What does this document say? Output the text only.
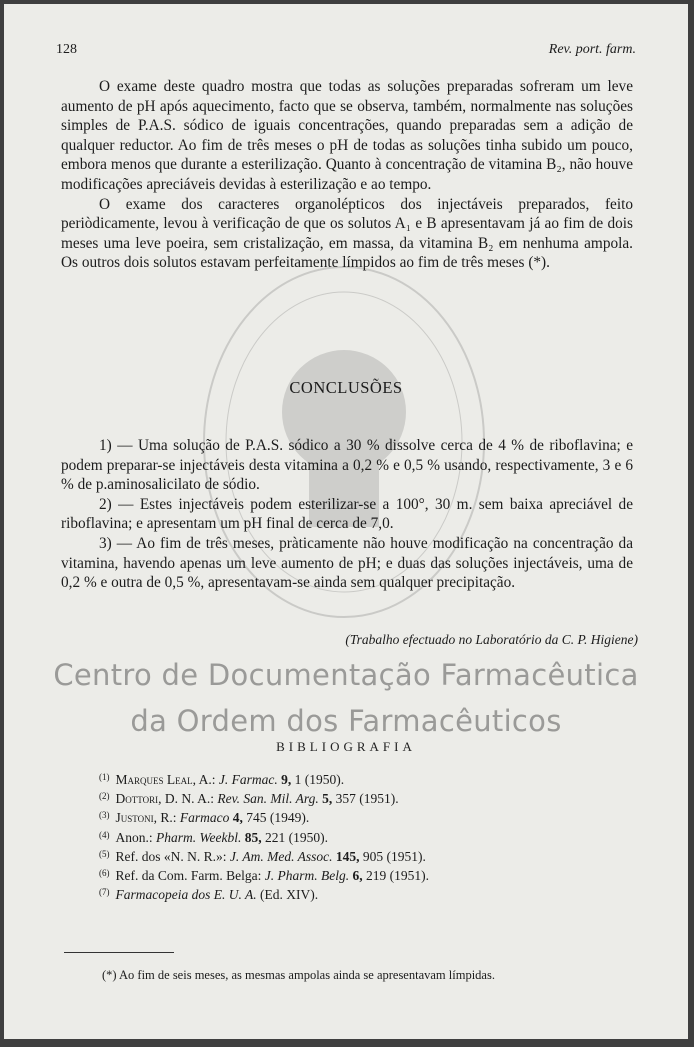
128	Rev. port. farm.

O exame deste quadro mostra que todas as soluções preparadas sofreram um leve aumento de pH após aquecimento, facto que se observa, também, normalmente nas soluções simples de P.A.S. sódico de iguais concentrações, quando preparadas sem a adição de qualquer reductor. Ao fim de três meses o pH de todas as soluções tinha subido um pouco, embora menos que durante a esterilização. Quanto à concentração de vitamina B₂, não houve modificações apreciáveis devidas à esterilização e ao tempo.

O exame dos caracteres organolépticos dos injectáveis preparados, feito periòdicamente, levou à verificação de que os solutos A₁ e B apresentavam já ao fim de dois meses uma leve poeira, sem cristalização, em massa, da vitamina B₂ em nenhuma ampola. Os outros dois solutos estavam perfeitamente límpidos ao fim de três meses (*).

CONCLUSÕES

1) — Uma solução de P.A.S. sódico a 30 % dissolve cerca de 4 % de riboflavina; e podem preparar-se injectáveis desta vitamina a 0,2 % e 0,5 % usando, respectivamente, 3 e 6 % de p.aminosalicilato de sódio.

2) — Estes injectáveis podem esterilizar-se a 100°, 30 m. sem baixa apreciável de riboflavina; e apresentam um pH final de cerca de 7,0.

3) — Ao fim de três meses, pràticamente não houve modificação na concentração da vitamina, havendo apenas um leve aumento de pH; e duas das soluções injectáveis, uma de 0,2 % e outra de 0,5 %, apresentavam-se ainda sem qualquer precipitação.

(Trabalho efectuado no Laboratório da C. P. Higiene)
Centro de Documentação Farmacêutica
da Ordem dos Farmacêuticos
BIBLIOGRAFIA
$^{(1)}$ Marques Leal, A.: J. Farmac. 9, 1 (1950).
$^{(2)}$ Dottori, D. N. A.: Rev. San. Mil. Arg. 5, 357 (1951).
$^{(3)}$ Justoni, R.: Farmaco 4, 745 (1949).
$^{(4)}$ Anon.: Pharm. Weekbl. 85, 221 (1950).
$^{(5)}$ Ref. dos «N. N. R.»: J. Am. Med. Assoc. 145, 905 (1951).
$^{(6)}$ Ref. da Com. Farm. Belga: J. Pharm. Belg. 6, 219 (1951).
$^{(7)}$ Farmacopeia dos E. U. A. (Ed. XIV).
(*) Ao fim de seis meses, as mesmas ampolas ainda se apresentavam límpidas.
